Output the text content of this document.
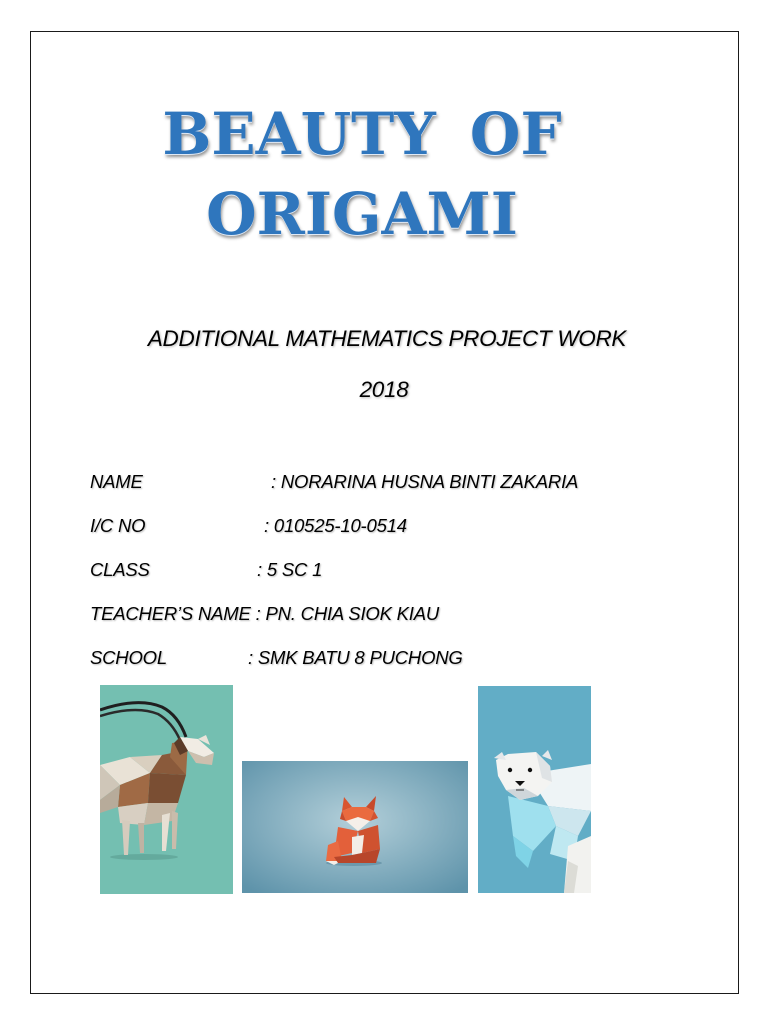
BEAUTY OF
ORIGAMI
ADDITIONAL MATHEMATICS PROJECT WORK
2018
NAME	: NORARINA HUSNA BINTI ZAKARIA
I/C NO	: 010525-10-0514
CLASS	: 5 SC 1
TEACHER’S NAME : PN. CHIA SIOK KIAU
SCHOOL	: SMK BATU 8 PUCHONG
